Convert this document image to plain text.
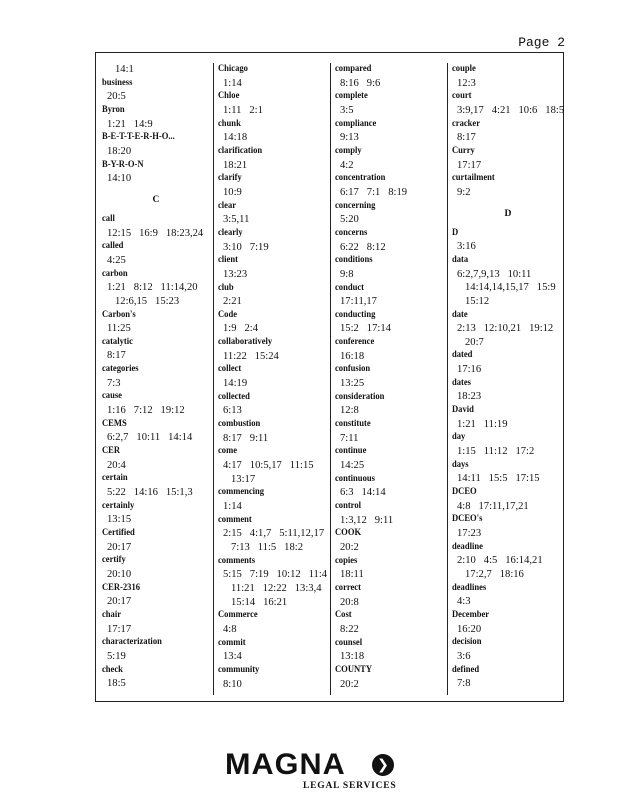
Page 2
14:1
business
20:5
Byron
1:21   14:9
B-E-T-T-E-R-H-O...
18:20
B-Y-R-O-N
14:10
C
call
12:15   16:9   18:23,24
called
4:25
carbon
1:21   8:12   11:14,20
12:6,15   15:23
Carbon's
11:25
catalytic
8:17
categories
7:3
cause
1:16   7:12   19:12
CEMS
6:2,7   10:11   14:14
CER
20:4
certain
5:22   14:16   15:1,3
certainly
13:15
Certified
20:17
certify
20:10
CER-2316
20:17
chair
17:17
characterization
5:19
check
18:5
Chicago
1:14
Chloe
1:11   2:1
chunk
14:18
clarification
18:21
clarify
10:9
clear
3:5,11
clearly
3:10   7:19
client
13:23
club
2:21
Code
1:9   2:4
collaboratively
11:22   15:24
collect
14:19
collected
6:13
combustion
8:17   9:11
come
4:17   10:5,17   11:15
13:17
commencing
1:14
comment
2:15   4:1,7   5:11,12,17
7:13   11:5   18:2
comments
5:15   7:19   10:12   11:4
11:21   12:22   13:3,4
15:14   16:21
Commerce
4:8
commit
13:4
community
8:10
compared
8:16   9:6
complete
3:5
compliance
9:13
comply
4:2
concentration
6:17   7:1   8:19
concerning
5:20
concerns
6:22   8:12
conditions
9:8
conduct
17:11,17
conducting
15:2   17:14
conference
16:18
confusion
13:25
consideration
12:8
constitute
7:11
continue
14:25
continuous
6:3   14:14
control
1:3,12   9:11
COOK
20:2
copies
18:11
correct
20:8
Cost
8:22
counsel
13:18
COUNTY
20:2
couple
12:3
court
3:9,17   4:21   10:6   18:5
cracker
8:17
Curry
17:17
curtailment
9:2
D
D
3:16
data
6:2,7,9,13   10:11
14:14,14,15,17   15:9
15:12
date
2:13   12:10,21   19:12
20:7
dated
17:16
dates
18:23
David
1:21   11:19
day
1:15   11:12   17:2
days
14:11   15:5   17:15
DCEO
4:8   17:11,17,21
DCEO's
17:23
deadline
2:10   4:5   16:14,21
17:2,7   18:16
deadlines
4:3
December
16:20
decision
3:6
defined
7:8
MAGNA	❯
LEGAL SERVICES
